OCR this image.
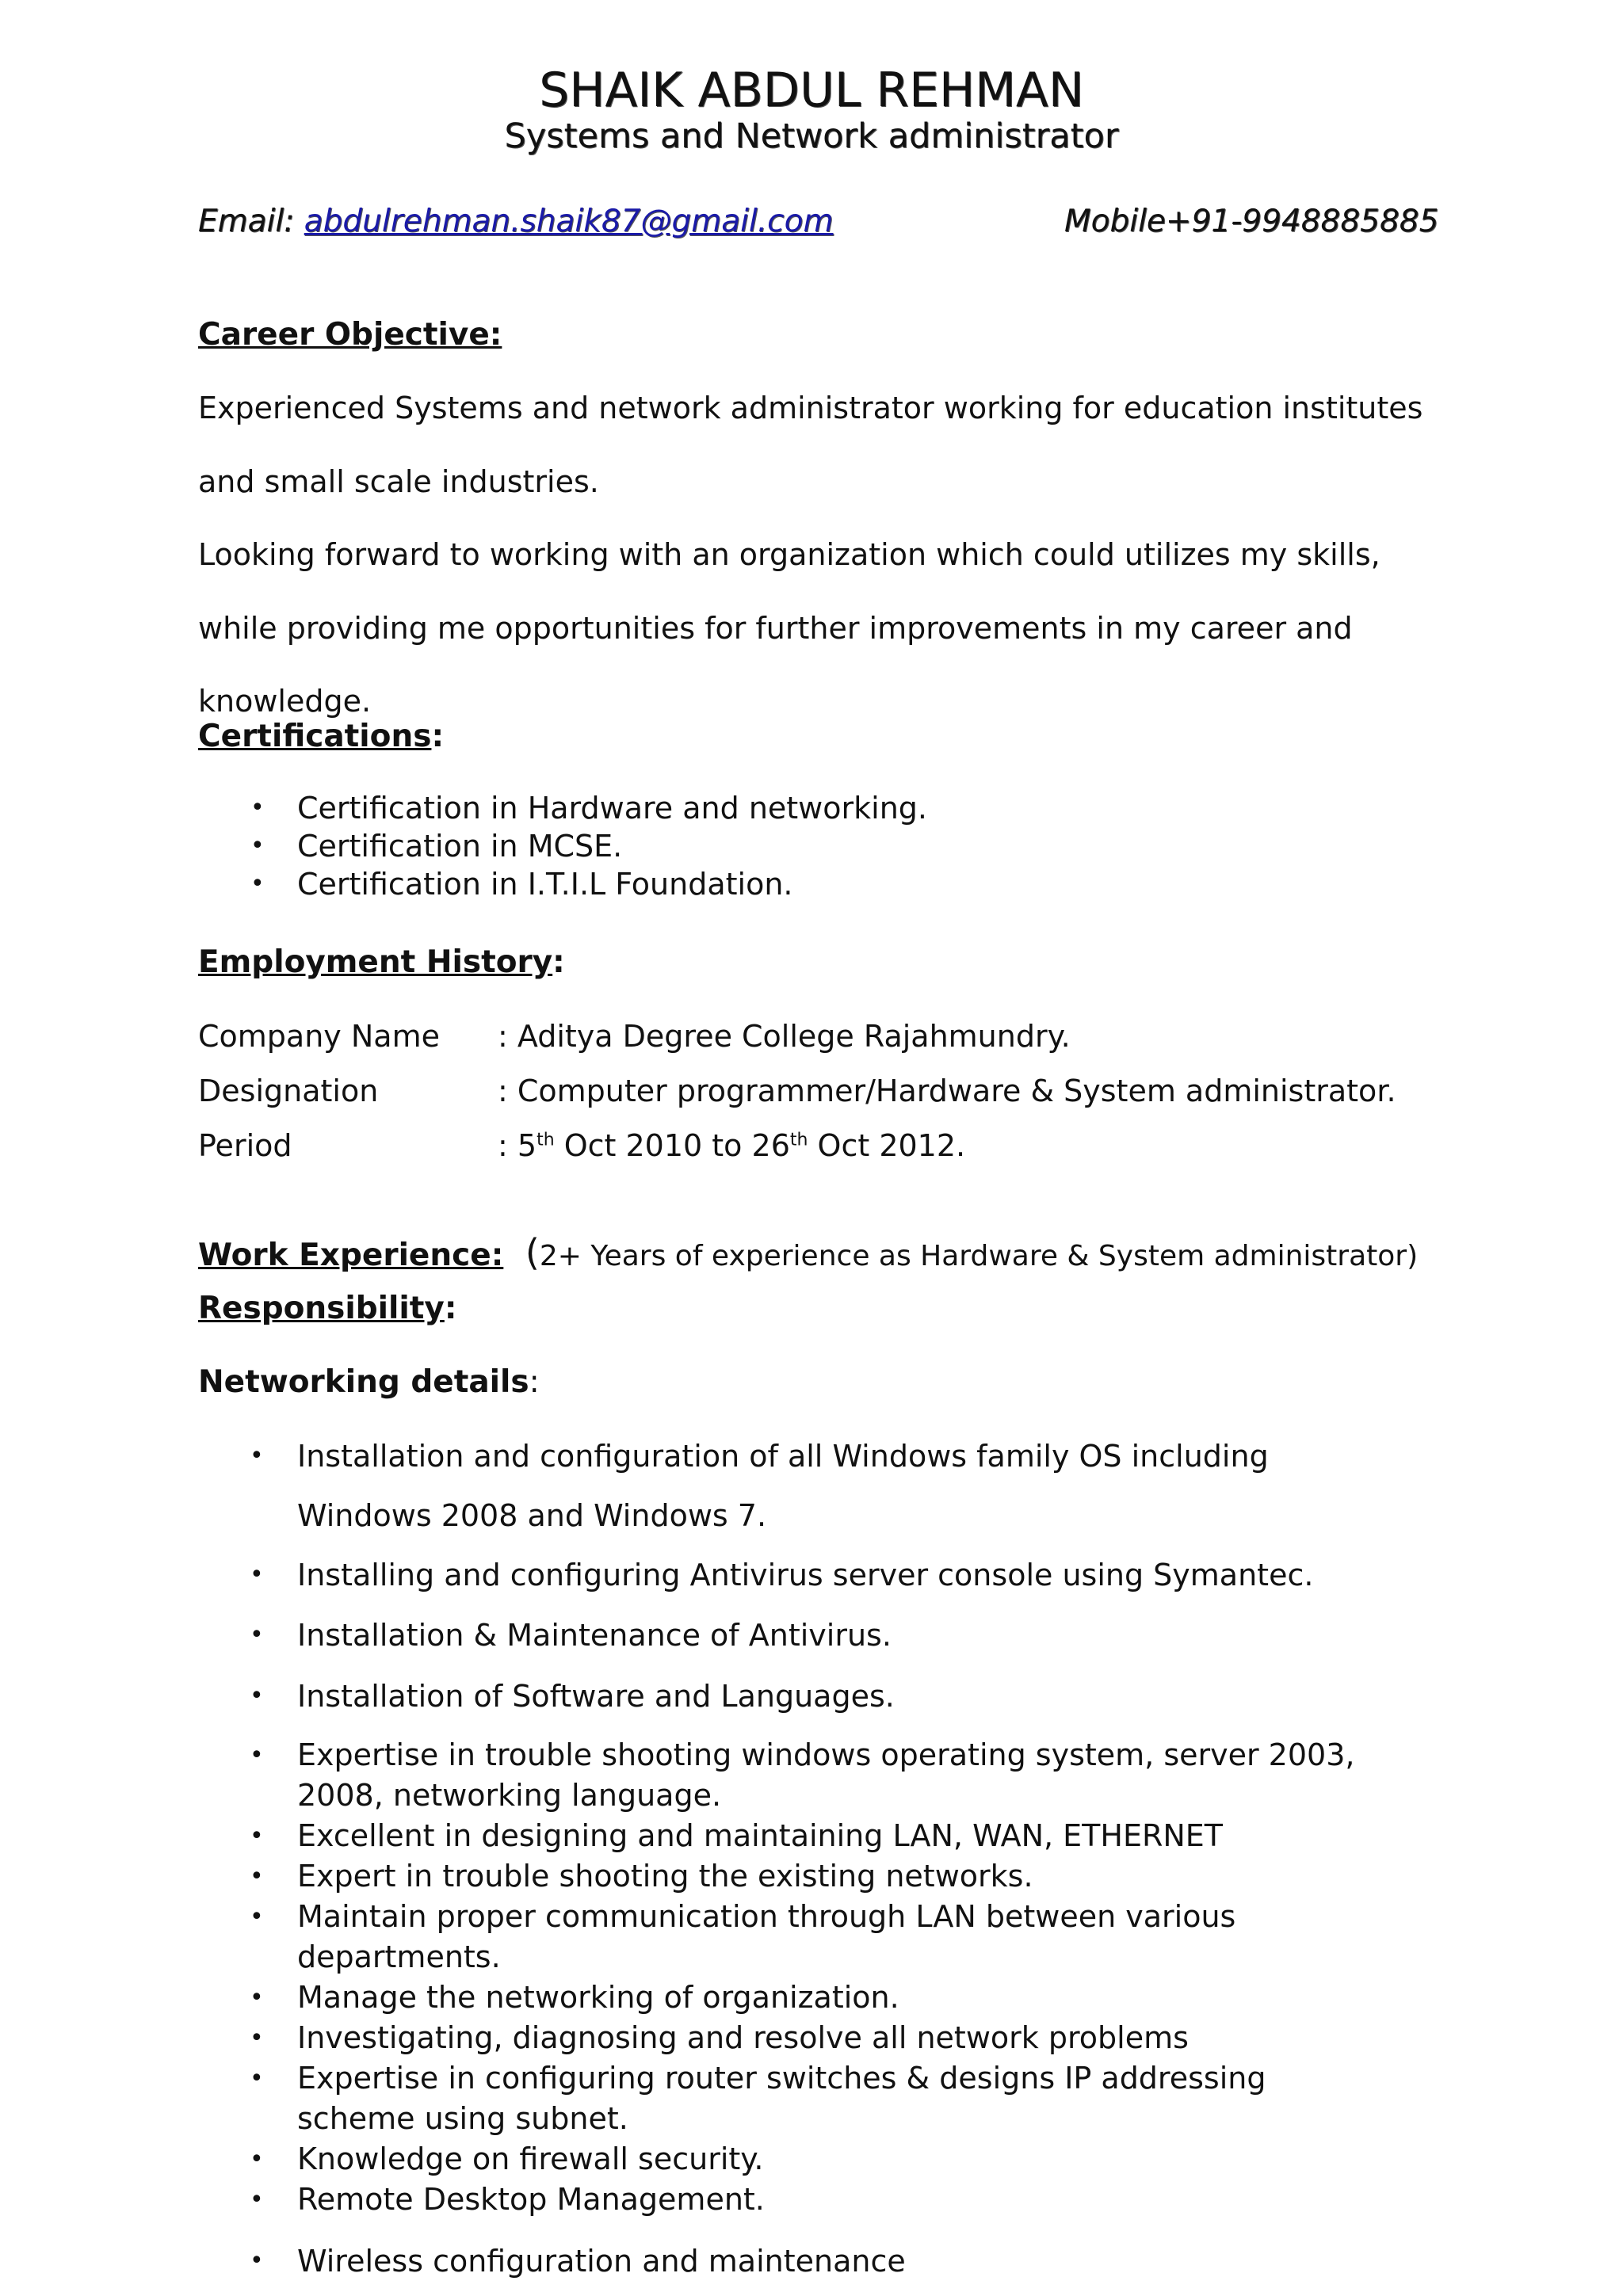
SHAIK ABDUL REHMAN
Systems and Network administrator
Email: abdulrehman.shaik87@gmail.com	Mobile+91-9948885885
Career Objective:
Experienced Systems and network administrator working for education institutes
and small scale industries.
Looking forward to working with an organization which could utilizes my skills,
while providing me opportunities for further improvements in my career and
knowledge.
Certifications:
• Certification in Hardware and networking.
• Certification in MCSE.
• Certification in I.T.I.L Foundation.
Employment History:
Company Name : Aditya Degree College Rajahmundry.
Designation	: Computer programmer/Hardware & System administrator.
Period	: 5th Oct 2010 to 26th Oct 2012.
Work Experience: (2+ Years of experience as Hardware & System administrator)
Responsibility:
Networking details:
• Installation and configuration of all Windows family OS including
Windows 2008 and Windows 7.
• Installing and configuring Antivirus server console using Symantec.
• Installation & Maintenance of Antivirus.
• Installation of Software and Languages.
• Expertise in trouble shooting windows operating system, server 2003,
2008, networking language.
• Excellent in designing and maintaining LAN, WAN, ETHERNET
• Expert in trouble shooting the existing networks.
• Maintain proper communication through LAN between various
departments.
• Manage the networking of organization.
• Investigating, diagnosing and resolve all network problems
• Expertise in configuring router switches & designs IP addressing
scheme using subnet.
• Knowledge on firewall security.
• Remote Desktop Management.
• Wireless configuration and maintenance
